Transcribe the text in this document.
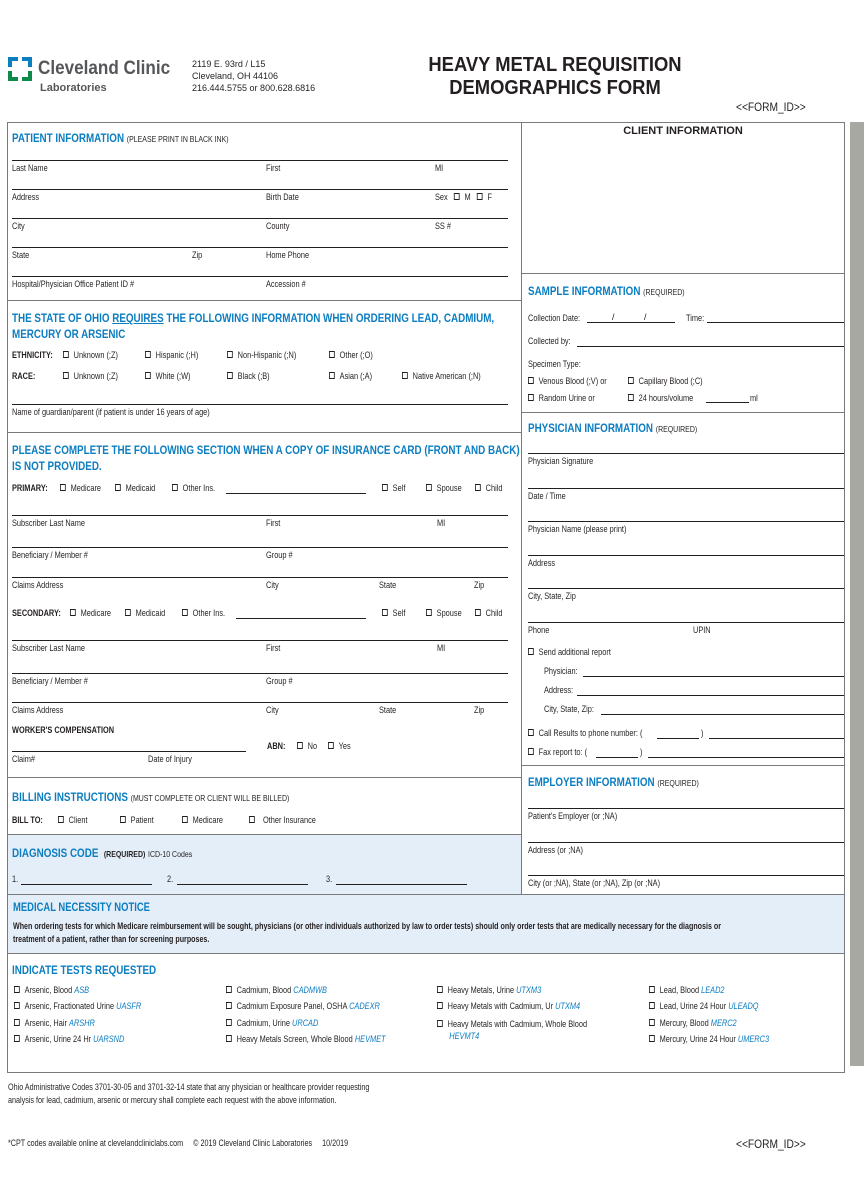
Cleveland Clinic
Laboratories
2119 E. 93rd / L15
Cleveland, OH 44106
216.444.5755 or 800.628.6816
HEAVY METAL REQUISITION
DEMOGRAPHICS FORM
<<FORM_ID>>
PATIENT INFORMATION (PLEASE PRINT IN BLACK INK)
Last Name	First	MI
Address	Birth Date	Sex M F
City	County	SS #
State	Zip	Home Phone
Hospital/Physician Office Patient ID #	Accession #
THE STATE OF OHIO REQUIRES THE FOLLOWING INFORMATION WHEN ORDERING LEAD, CADMIUM,
MERCURY OR ARSENIC
ETHNICITY:	Unknown (;Z)	Hispanic (;H)	Non-Hispanic (;N)	Other (;O)
RACE:	Unknown (;Z)	White (;W)	Black (;B)	Asian (;A)	Native American (;N)
Name of guardian/parent (if patient is under 16 years of age)
PLEASE COMPLETE THE FOLLOWING SECTION WHEN A COPY OF INSURANCE CARD (FRONT AND BACK)
IS NOT PROVIDED.
PRIMARY:	Medicare	Medicaid	Other Ins.	Self	Spouse	Child
Subscriber Last Name	First	MI
Beneficiary / Member #	Group #
Claims Address	City	State	Zip
SECONDARY:	Medicare	Medicaid	Other Ins.	Self	Spouse	Child
Subscriber Last Name	First	MI
Beneficiary / Member #	Group #
Claims Address	City	State	Zip
WORKER'S COMPENSATION
Claim#	Date of Injury
ABN:	No	Yes
BILLING INSTRUCTIONS (MUST COMPLETE OR CLIENT WILL BE BILLED)
BILL TO:	Client	Patient	Medicare	Other Insurance
DIAGNOSIS CODE (REQUIRED) ICD-10 Codes
1.	2.	3.
CLIENT INFORMATION
SAMPLE INFORMATION (REQUIRED)
Collection Date:	/	/	Time:
Collected by:
Specimen Type:
Venous Blood (;V) or	Capillary Blood (;C)
Random Urine or	24 hours/volume	ml
PHYSICIAN INFORMATION (REQUIRED)
Physician Signature
Date / Time
Physician Name (please print)
Address
City, State, Zip
Phone	UPIN
Send additional report
Physician:
Address:
City, State, Zip:
Call Results to phone number: (	)
Fax report to: (	)
EMPLOYER INFORMATION (REQUIRED)
Patient's Employer (or ;NA)
Address (or ;NA)
City (or ;NA), State (or ;NA), Zip (or ;NA)
MEDICAL NECESSITY NOTICE
When ordering tests for which Medicare reimbursement will be sought, physicians (or other individuals authorized by law to order tests) should only order tests that are medically necessary for the diagnosis or
treatment of a patient, rather than for screening purposes.
INDICATE TESTS REQUESTED
Arsenic, Blood ASB
Arsenic, Fractionated Urine UASFR
Arsenic, Hair ARSHR
Arsenic, Urine 24 Hr UARSND
Cadmium, Blood CADMWB
Cadmium Exposure Panel, OSHA CADEXR
Cadmium, Urine URCAD
Heavy Metals Screen, Whole Blood HEVMET
Heavy Metals, Urine UTXM3
Heavy Metals with Cadmium, Ur UTXM4
Heavy Metals with Cadmium, Whole Blood
HEVMT4
Lead, Blood LEAD2
Lead, Urine 24 Hour ULEADQ
Mercury, Blood MERC2
Mercury, Urine 24 Hour UMERC3
Ohio Administrative Codes 3701-30-05 and 3701-32-14 state that any physician or healthcare provider requesting
analysis for lead, cadmium, arsenic or mercury shall complete each request with the above information.
*CPT codes available online at clevelandcliniclabs.com     © 2019 Cleveland Clinic Laboratories     10/2019	<<FORM_ID>>
